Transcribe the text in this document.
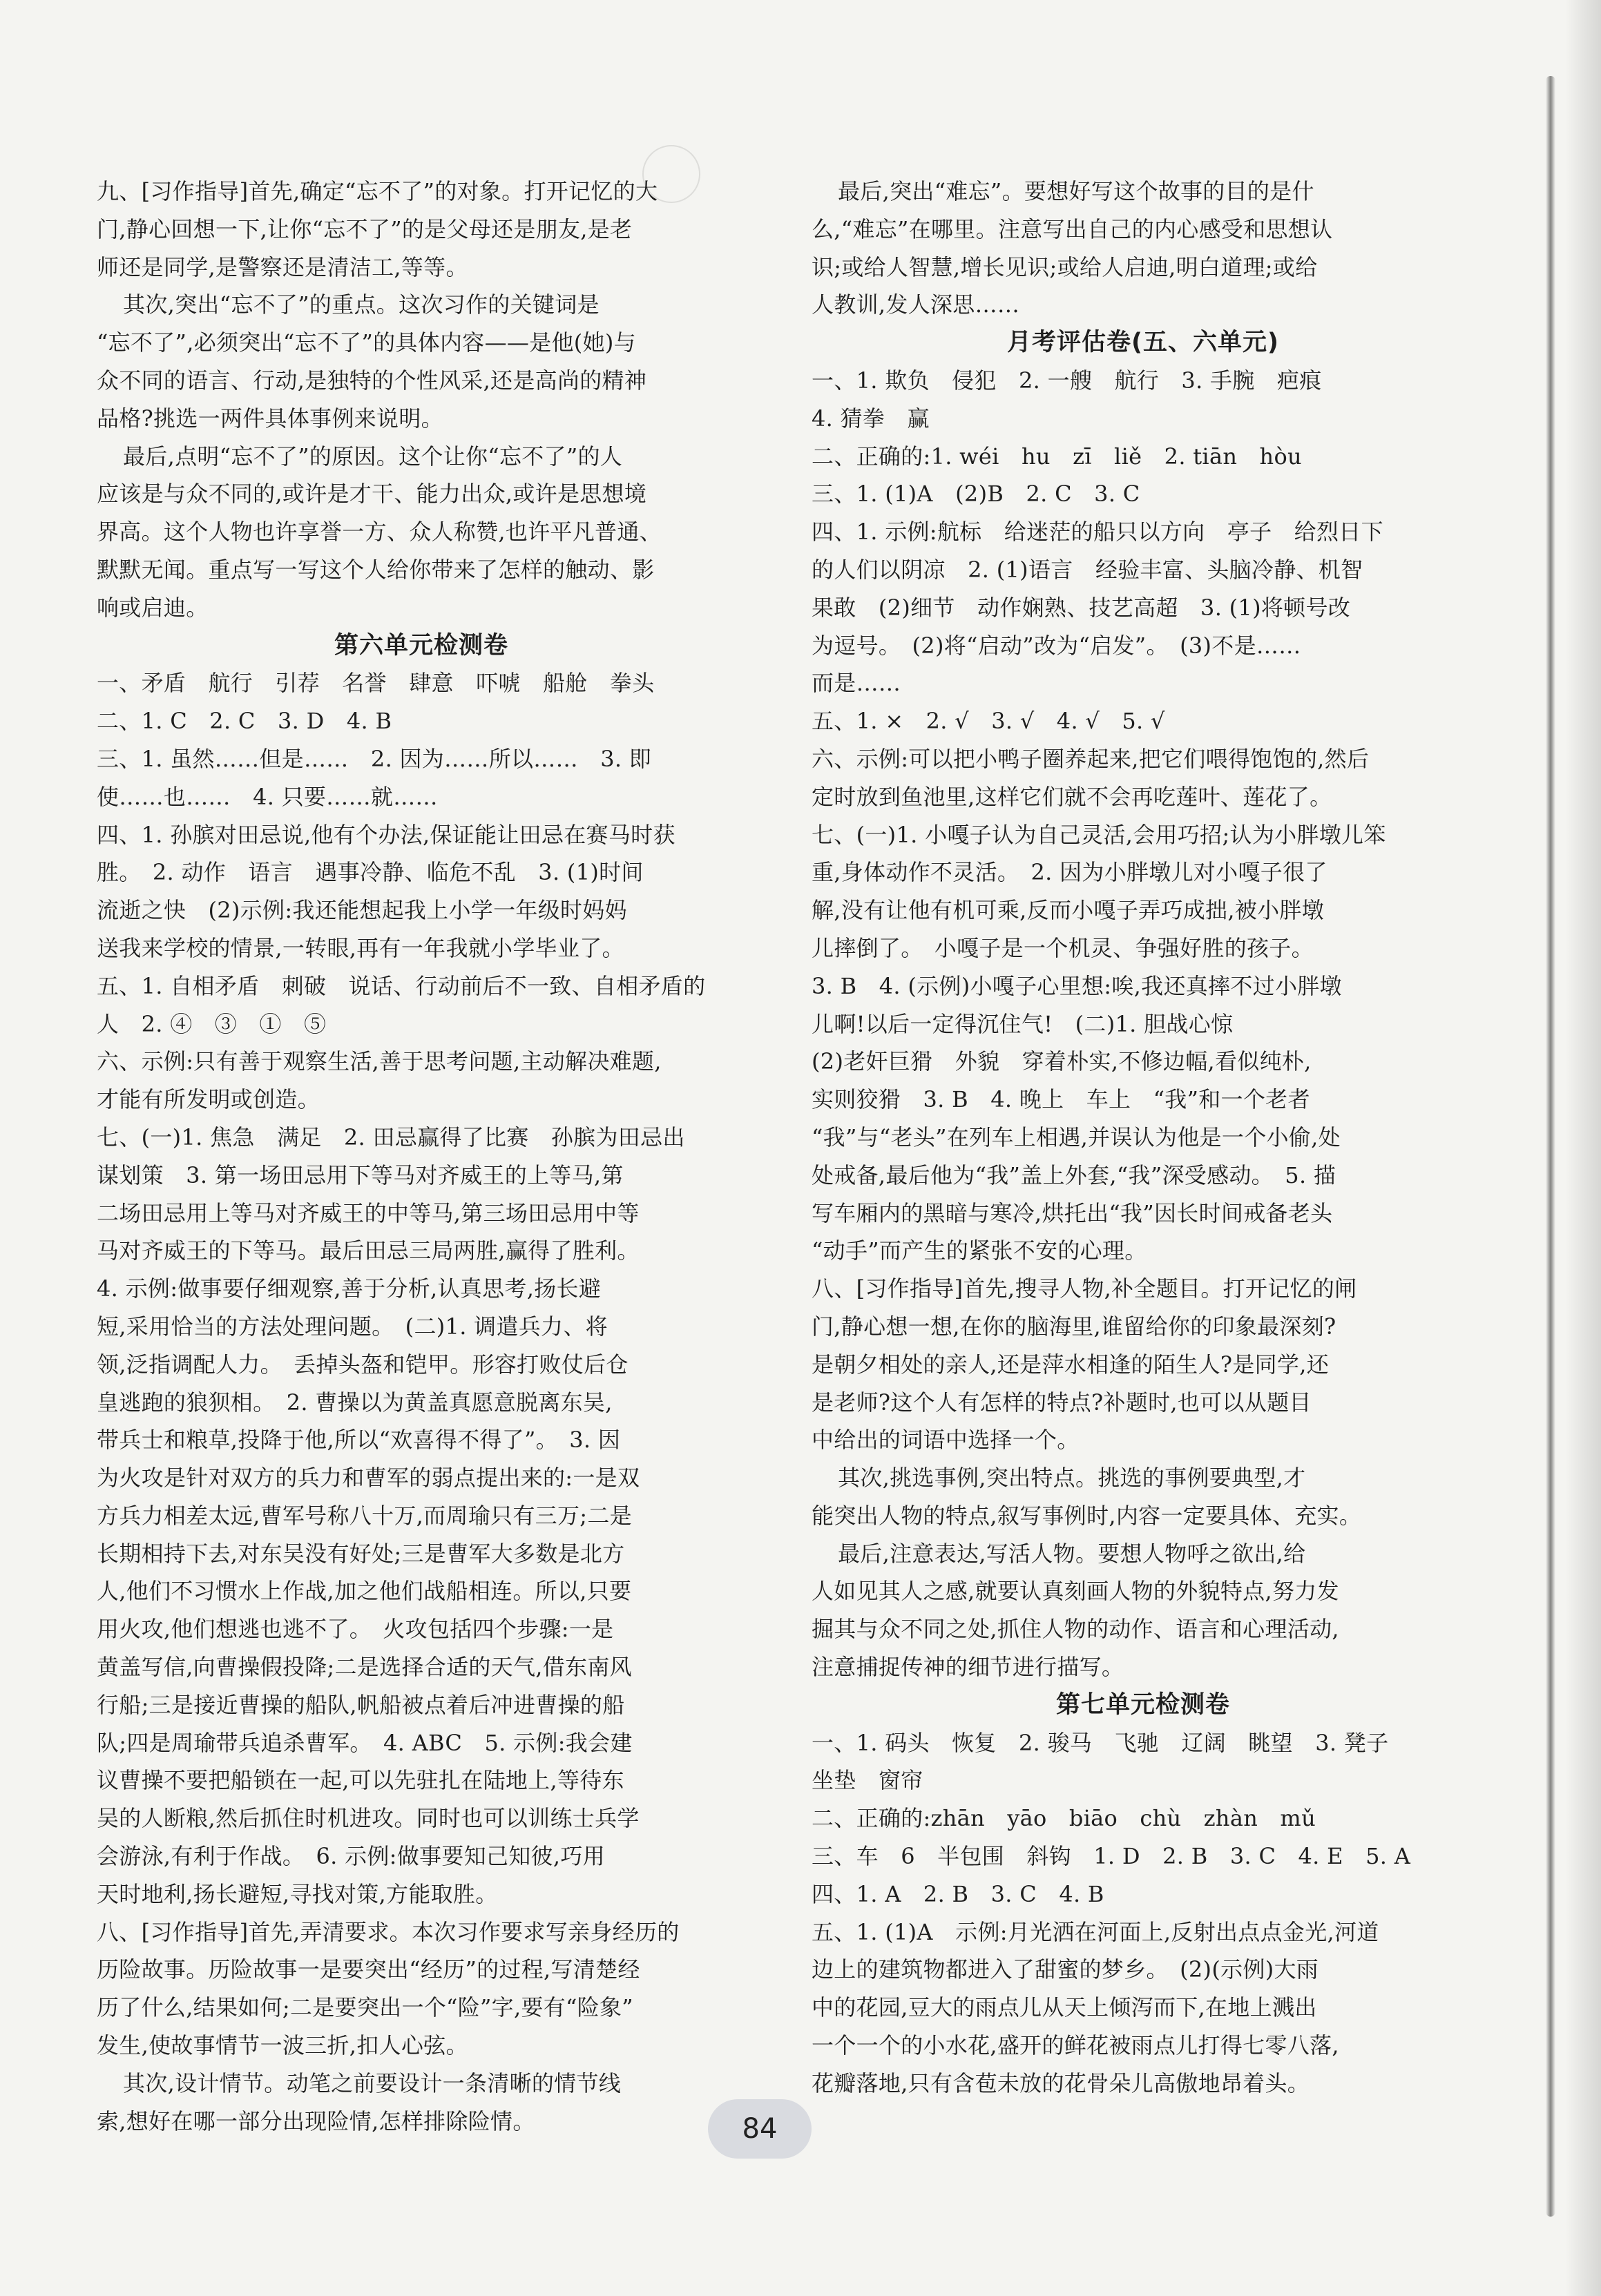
九、[习作指导]首先,确定“忘不了”的对象。打开记忆的大
门,静心回想一下,让你“忘不了”的是父母还是朋友,是老
师还是同学,是警察还是清洁工,等等。
其次,突出“忘不了”的重点。这次习作的关键词是
“忘不了”,必须突出“忘不了”的具体内容——是他(她)与
众不同的语言、行动,是独特的个性风采,还是高尚的精神
品格?挑选一两件具体事例来说明。
最后,点明“忘不了”的原因。这个让你“忘不了”的人
应该是与众不同的,或许是才干、能力出众,或许是思想境
界高。这个人物也许享誉一方、众人称赞,也许平凡普通、
默默无闻。重点写一写这个人给你带来了怎样的触动、影
响或启迪。
第六单元检测卷
一、矛盾　航行　引荐　名誉　肆意　吓唬　船舱　拳头
二、1. C　2. C　3. D　4. B
三、1. 虽然……但是……　2. 因为……所以……　3. 即
使……也……　4. 只要……就……
四、1. 孙膑对田忌说,他有个办法,保证能让田忌在赛马时获
胜。　2. 动作　语言　遇事冷静、临危不乱　3. (1)时间
流逝之快　(2)示例:我还能想起我上小学一年级时妈妈
送我来学校的情景,一转眼,再有一年我就小学毕业了。
五、1. 自相矛盾　刺破　说话、行动前后不一致、自相矛盾的
人　2. ④　③　①　⑤
六、示例:只有善于观察生活,善于思考问题,主动解决难题,
才能有所发明或创造。
七、(一)1. 焦急　满足　2. 田忌赢得了比赛　孙膑为田忌出
谋划策　3. 第一场田忌用下等马对齐威王的上等马,第
二场田忌用上等马对齐威王的中等马,第三场田忌用中等
马对齐威王的下等马。最后田忌三局两胜,赢得了胜利。
4. 示例:做事要仔细观察,善于分析,认真思考,扬长避
短,采用恰当的方法处理问题。　(二)1. 调遣兵力、将
领,泛指调配人力。　丢掉头盔和铠甲。形容打败仗后仓
皇逃跑的狼狈相。　2. 曹操以为黄盖真愿意脱离东吴,
带兵士和粮草,投降于他,所以“欢喜得不得了”。　3. 因
为火攻是针对双方的兵力和曹军的弱点提出来的:一是双
方兵力相差太远,曹军号称八十万,而周瑜只有三万;二是
长期相持下去,对东吴没有好处;三是曹军大多数是北方
人,他们不习惯水上作战,加之他们战船相连。所以,只要
用火攻,他们想逃也逃不了。　火攻包括四个步骤:一是
黄盖写信,向曹操假投降;二是选择合适的天气,借东南风
行船;三是接近曹操的船队,帆船被点着后冲进曹操的船
队;四是周瑜带兵追杀曹军。　4. ABC　5. 示例:我会建
议曹操不要把船锁在一起,可以先驻扎在陆地上,等待东
吴的人断粮,然后抓住时机进攻。同时也可以训练士兵学
会游泳,有利于作战。　6. 示例:做事要知己知彼,巧用
天时地利,扬长避短,寻找对策,方能取胜。
八、[习作指导]首先,弄清要求。本次习作要求写亲身经历的
历险故事。历险故事一是要突出“经历”的过程,写清楚经
历了什么,结果如何;二是要突出一个“险”字,要有“险象”
发生,使故事情节一波三折,扣人心弦。
其次,设计情节。动笔之前要设计一条清晰的情节线
索,想好在哪一部分出现险情,怎样排除险情。
最后,突出“难忘”。要想好写这个故事的目的是什
么,“难忘”在哪里。注意写出自己的内心感受和思想认
识;或给人智慧,增长见识;或给人启迪,明白道理;或给
人教训,发人深思……
月考评估卷(五、六单元)
一、1. 欺负　侵犯　2. 一艘　航行　3. 手腕　疤痕
4. 猜拳　赢
二、正确的:1. wéi　hu　zī　liě　2. tiān　hòu
三、1. (1)A　(2)B　2. C　3. C
四、1. 示例:航标　给迷茫的船只以方向　亭子　给烈日下
的人们以阴凉　2. (1)语言　经验丰富、头脑冷静、机智
果敢　(2)细节　动作娴熟、技艺高超　3. (1)将顿号改
为逗号。　(2)将“启动”改为“启发”。　(3)不是……
而是……
五、1. ×　2. √　3. √　4. √　5. √
六、示例:可以把小鸭子圈养起来,把它们喂得饱饱的,然后
定时放到鱼池里,这样它们就不会再吃莲叶、莲花了。
七、(一)1. 小嘎子认为自己灵活,会用巧招;认为小胖墩儿笨
重,身体动作不灵活。　2. 因为小胖墩儿对小嘎子很了
解,没有让他有机可乘,反而小嘎子弄巧成拙,被小胖墩
儿摔倒了。　小嘎子是一个机灵、争强好胜的孩子。
3. B　4. (示例)小嘎子心里想:唉,我还真摔不过小胖墩
儿啊!以后一定得沉住气!　(二)1. 胆战心惊
(2)老奸巨猾　外貌　穿着朴实,不修边幅,看似纯朴,
实则狡猾　3. B　4. 晚上　车上　“我”和一个老者
“我”与“老头”在列车上相遇,并误认为他是一个小偷,处
处戒备,最后他为“我”盖上外套,“我”深受感动。　5. 描
写车厢内的黑暗与寒冷,烘托出“我”因长时间戒备老头
“动手”而产生的紧张不安的心理。
八、[习作指导]首先,搜寻人物,补全题目。打开记忆的闸
门,静心想一想,在你的脑海里,谁留给你的印象最深刻?
是朝夕相处的亲人,还是萍水相逢的陌生人?是同学,还
是老师?这个人有怎样的特点?补题时,也可以从题目
中给出的词语中选择一个。
其次,挑选事例,突出特点。挑选的事例要典型,才
能突出人物的特点,叙写事例时,内容一定要具体、充实。
最后,注意表达,写活人物。要想人物呼之欲出,给
人如见其人之感,就要认真刻画人物的外貌特点,努力发
掘其与众不同之处,抓住人物的动作、语言和心理活动,
注意捕捉传神的细节进行描写。
第七单元检测卷
一、1. 码头　恢复　2. 骏马　飞驰　辽阔　眺望　3. 凳子
坐垫　窗帘
二、正确的:zhān　yāo　biāo　chù　zhàn　mǔ
三、车　6　半包围　斜钩　1. D　2. B　3. C　4. E　5. A
四、1. A　2. B　3. C　4. B
五、1. (1)A　示例:月光洒在河面上,反射出点点金光,河道
边上的建筑物都进入了甜蜜的梦乡。　(2)(示例)大雨
中的花园,豆大的雨点儿从天上倾泻而下,在地上溅出
一个一个的小水花,盛开的鲜花被雨点儿打得七零八落,
花瓣落地,只有含苞未放的花骨朵儿高傲地昂着头。
84
